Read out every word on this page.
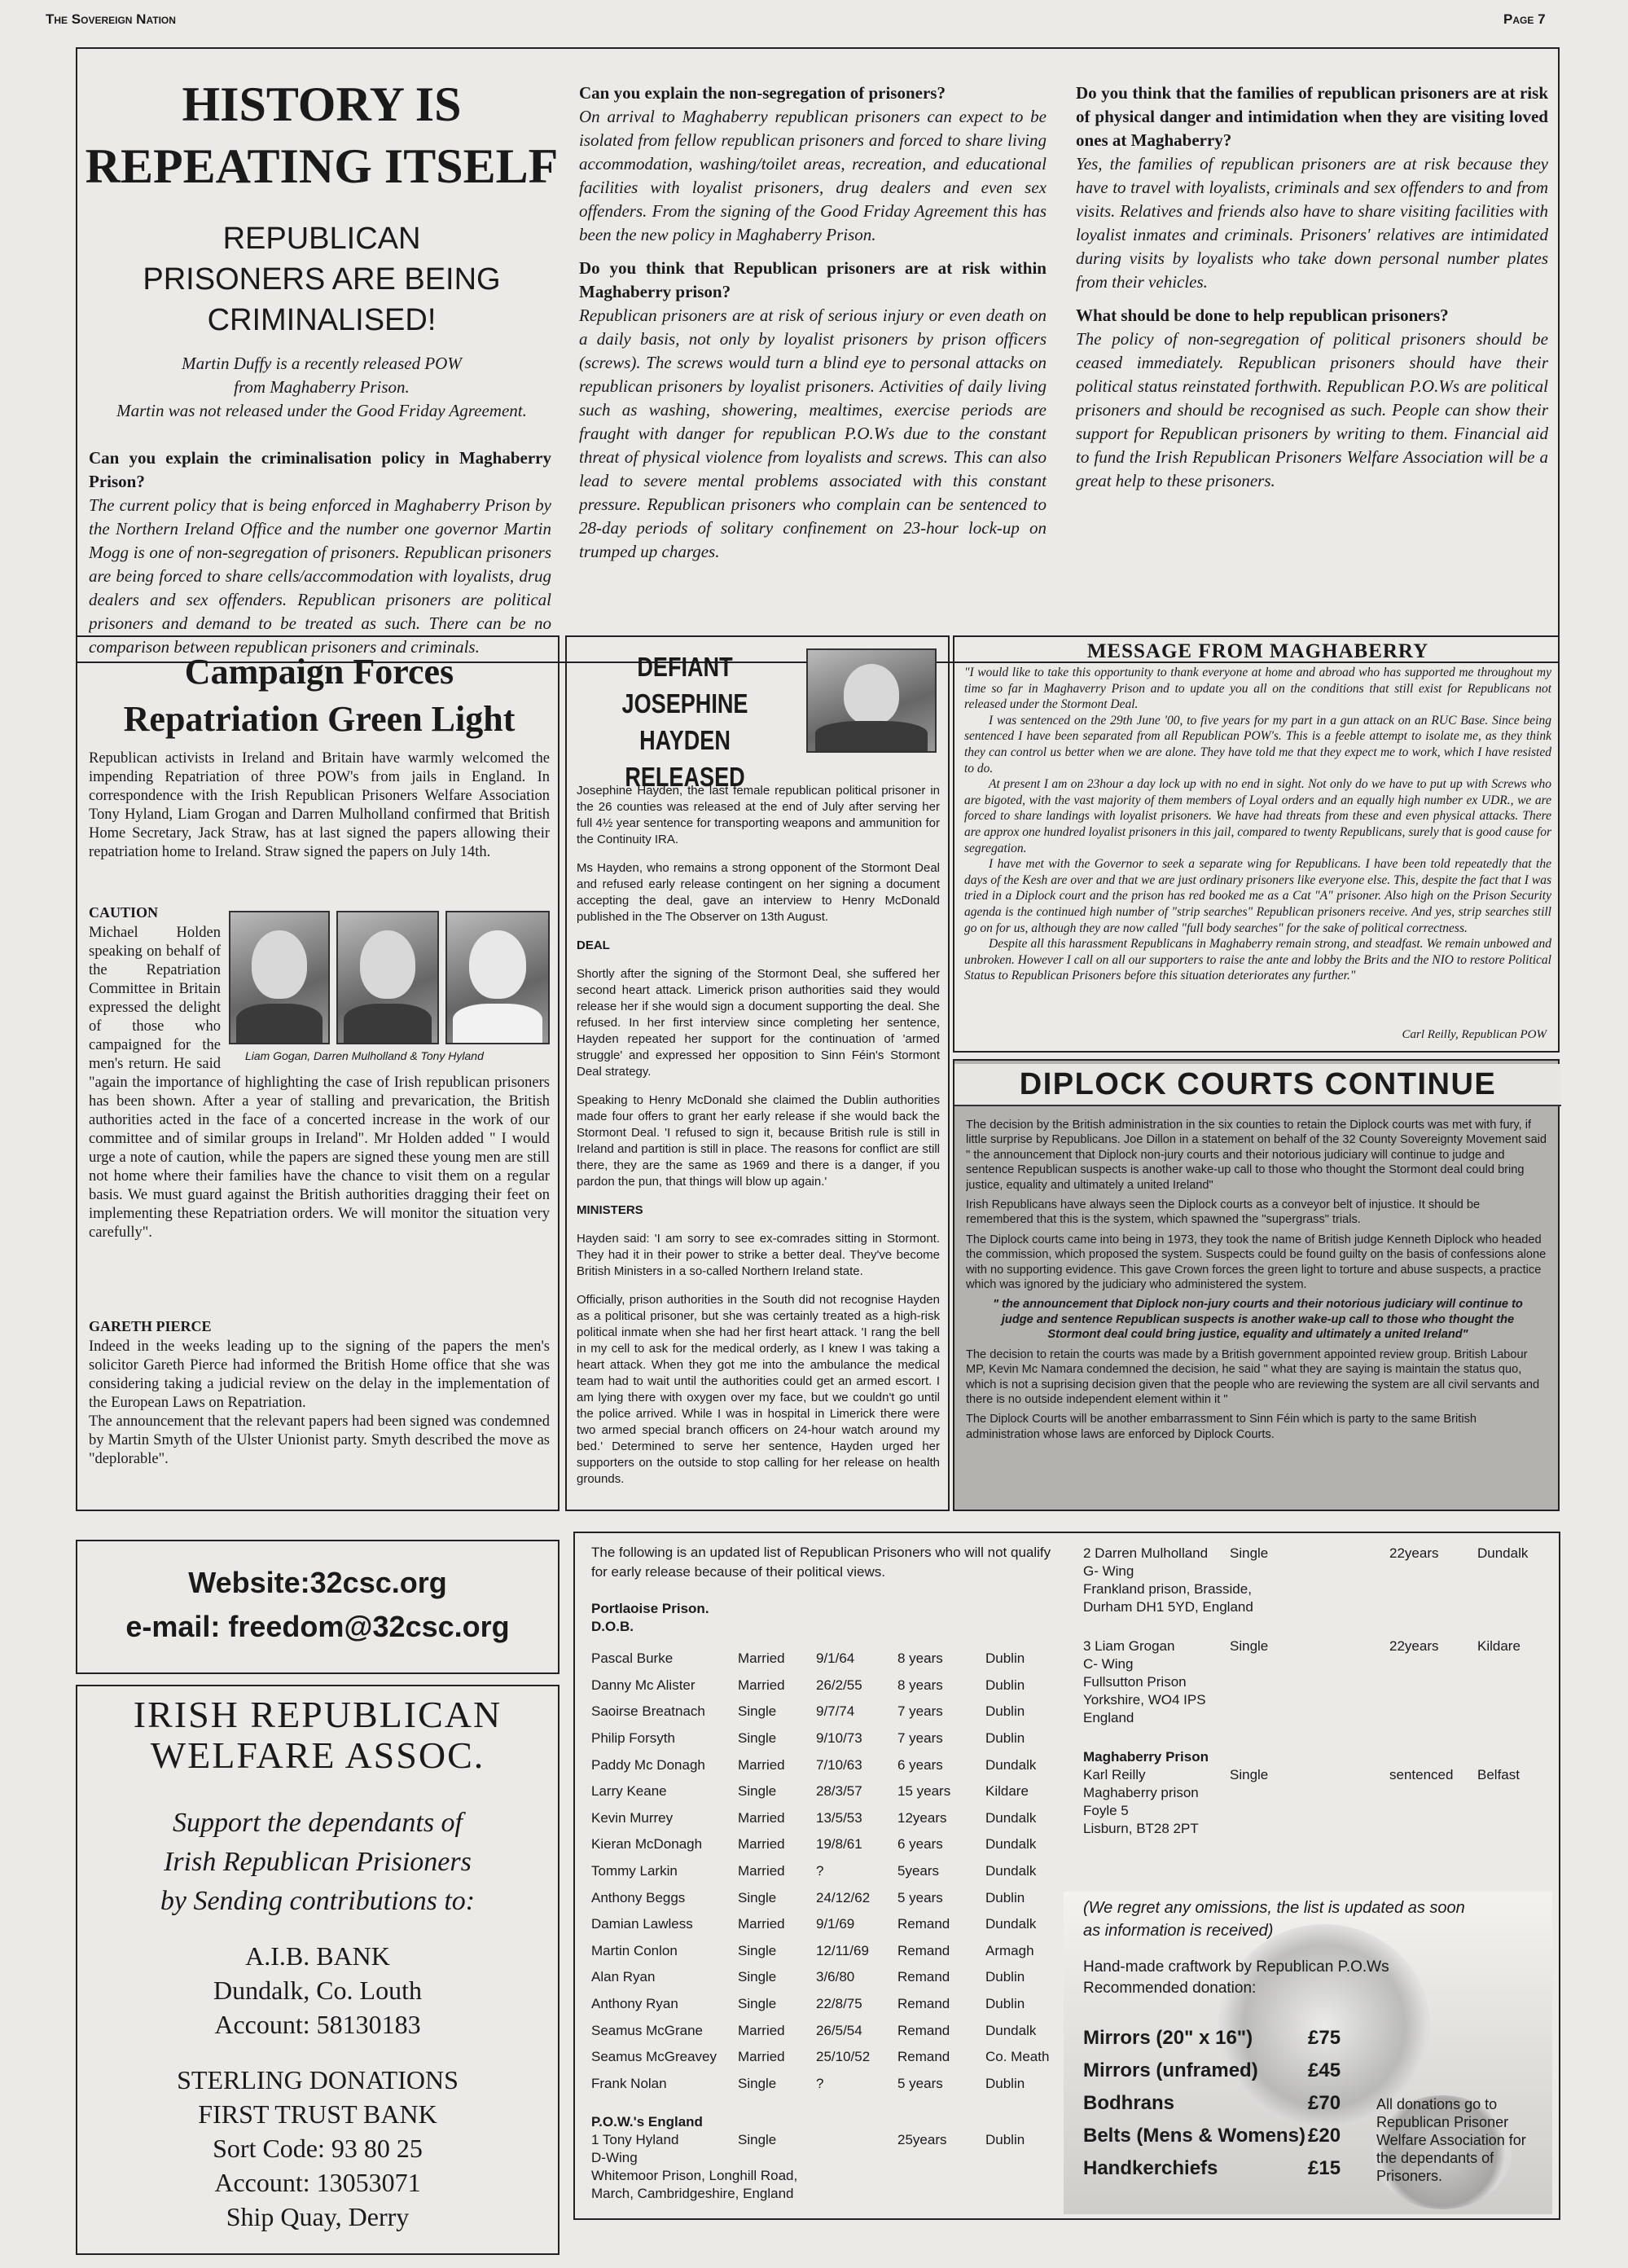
The Sovereign Nation	Page 7
HISTORY IS
REPEATING ITSELF
REPUBLICAN PRISONERS ARE BEING CRIMINALISED!

Martin Duffy is a recently released POW from Maghaberry Prison.

Martin was not released under the Good Friday Agreement.

Can you explain the criminalisation policy in Maghaberry Prison?

The current policy that is being enforced in Maghaberry Prison by the Northern Ireland Office and the number one governor Martin Mogg is one of non-segregation of prisoners. Republican prisoners are being forced to share cells/accommodation with loyalists, drug dealers and sex offenders. Republican prisoners are political prisoners and demand to be treated as such. There can be no comparison between republican prisoners and criminals.

Can you explain the non-segregation of prisoners?

On arrival to Maghaberry republican prisoners can expect to be isolated from fellow republican prisoners and forced to share living accommodation, washing/toilet areas, recreation, and educational facilities with loyalist prisoners, drug dealers and even sex offenders. From the signing of the Good Friday Agreement this has been the new policy in Maghaberry Prison.

Do you think that Republican prisoners are at risk within Maghaberry prison?

Republican prisoners are at risk of serious injury or even death on a daily basis, not only by loyalist prisoners by prison officers (screws). The screws would turn a blind eye to personal attacks on republican prisoners by loyalist prisoners. Activities of daily living such as washing, showering, mealtimes, exercise periods are fraught with danger for republican P.O.Ws due to the constant threat of physical violence from loyalists and screws. This can also lead to severe mental problems associated with this constant pressure. Republican prisoners who complain can be sentenced to 28-day periods of solitary confinement on 23-hour lock-up on trumped up charges.

Do you think that the families of republican prisoners are at risk of physical danger and intimidation when they are visiting loved ones at Maghaberry?

Yes, the families of republican prisoners are at risk because they have to travel with loyalists, criminals and sex offenders to and from visits. Relatives and friends also have to share visiting facilities with loyalist inmates and criminals. Prisoners' relatives are intimidated during visits by loyalists who take down personal number plates from their vehicles.

What should be done to help republican prisoners?

The policy of non-segregation of political prisoners should be ceased immediately. Republican prisoners should have their political status reinstated forthwith. Republican P.O.Ws are political prisoners and should be recognised as such. People can show their support for Republican prisoners by writing to them. Financial aid to fund the Irish Republican Prisoners Welfare Association will be a great help to these prisoners.

Campaign Forces Repatriation Green Light
Republican activists in Ireland and Britain have warmly welcomed the impending Repatriation of three POW's from jails in England. In correspondence with the Irish Republican Prisoners Welfare Association Tony Hyland, Liam Grogan and Darren Mulholland confirmed that British Home Secretary, Jack Straw, has at last signed the papers allowing their repatriation home to Ireland. Straw signed the papers on July 14th.
CAUTION
Liam Gogan, Darren Mulholland & Tony Hyland
Michael Holden speaking on behalf of the Repatriation Committee in Britain expressed the delight of those who campaigned for the men's return. He said "again the importance of highlighting the case of Irish republican prisoners has been shown. After a year of stalling and prevarication, the British authorities acted in the face of a concerted increase in the work of our committee and of similar groups in Ireland". Mr Holden added " I would urge a note of caution, while the papers are signed these young men are still not home where their families have the chance to visit them on a regular basis. We must guard against the British authorities dragging their feet on implementing these Repatriation orders. We will monitor the situation very carefully".
GARETH PIERCE
Indeed in the weeks leading up to the signing of the papers the men's solicitor Gareth Pierce had informed the British Home office that she was considering taking a judicial review on the delay in the implementation of the European Laws on Repatriation.
The announcement that the relevant papers had been signed was condemned by Martin Smyth of the Ulster Unionist party. Smyth described the move as "deplorable".
DEFIANT
JOSEPHINE HAYDEN
RELEASED

Josephine Hayden, the last female republican political prisoner in the 26 counties was released at the end of July after serving her full 4½ year sentence for transporting weapons and ammunition for the Continuity IRA.

Ms Hayden, who remains a strong opponent of the Stormont Deal and refused early release contingent on her signing a document accepting the deal, gave an interview to Henry McDonald published in the The Observer on 13th August.

DEAL

Shortly after the signing of the Stormont Deal, she suffered her second heart attack. Limerick prison authorities said they would release her if she would sign a document supporting the deal. She refused. In her first interview since completing her sentence, Hayden repeated her support for the continuation of 'armed struggle' and expressed her opposition to Sinn Féin's Stormont Deal strategy.

Speaking to Henry McDonald she claimed the Dublin authorities made four offers to grant her early release if she would back the Stormont Deal. 'I refused to sign it, because British rule is still in Ireland and partition is still in place. The reasons for conflict are still there, they are the same as 1969 and there is a danger, if you pardon the pun, that things will blow up again.'

MINISTERS

Hayden said: 'I am sorry to see ex-comrades sitting in Stormont. They had it in their power to strike a better deal. They've become British Ministers in a so-called Northern Ireland state.

Officially, prison authorities in the South did not recognise Hayden as a political prisoner, but she was certainly treated as a high-risk political inmate when she had her first heart attack. 'I rang the bell in my cell to ask for the medical orderly, as I knew I was taking a heart attack. When they got me into the ambulance the medical team had to wait until the authorities could get an armed escort. I am lying there with oxygen over my face, but we couldn't go until the police arrived. While I was in hospital in Limerick there were two armed special branch officers on 24-hour watch around my bed.' Determined to serve her sentence, Hayden urged her supporters on the outside to stop calling for her release on health grounds.

MESSAGE FROM MAGHABERRY

"I would like to take this opportunity to thank everyone at home and abroad who has supported me throughout my time so far in Maghaverry Prison and to update you all on the conditions that still exist for Republicans not released under the Stormont Deal.

I was sentenced on the 29th June '00, to five years for my part in a gun attack on an RUC Base. Since being sentenced I have been separated from all Republican POW's. This is a feeble attempt to isolate me, as they think they can control us better when we are alone. They have told me that they expect me to work, which I have resisted to do.

At present I am on 23hour a day lock up with no end in sight. Not only do we have to put up with Screws who are bigoted, with the vast majority of them members of Loyal orders and an equally high number ex UDR., we are forced to share landings with loyalist prisoners. We have had threats from these and even physical attacks. There are approx one hundred loyalist prisoners in this jail, compared to twenty Republicans, surely that is good cause for segregation.

I have met with the Governor to seek a separate wing for Republicans. I have been told repeatedly that the days of the Kesh are over and that we are just ordinary prisoners like everyone else. This, despite the fact that I was tried in a Diplock court and the prison has red booked me as a Cat "A" prisoner. Also high on the Prison Security agenda is the continued high number of "strip searches" Republican prisoners receive. And yes, strip searches still go on for us, although they are now called "full body searches" for the sake of political correctness.

Despite all this harassment Republicans in Maghaberry remain strong, and steadfast. We remain unbowed and unbroken. However I call on all our supporters to raise the ante and lobby the Brits and the NIO to restore Political Status to Republican Prisoners before this situation deteriorates any further."

Carl Reilly, Republican POW
DIPLOCK COURTS CONTINUE

The decision by the British administration in the six counties to retain the Diplock courts was met with fury, if little surprise by Republicans. Joe Dillon in a statement on behalf of the 32 County Sovereignty Movement said " the announcement that Diplock non-jury courts and their notorious judiciary will continue to judge and sentence Republican suspects is another wake-up call to those who thought the Stormont deal could bring justice, equality and ultimately a united Ireland"

Irish Republicans have always seen the Diplock courts as a conveyor belt of injustice. It should be remembered that this is the system, which spawned the "supergrass" trials.

The Diplock courts came into being in 1973, they took the name of British judge Kenneth Diplock who headed the commission, which proposed the system. Suspects could be found guilty on the basis of confessions alone with no supporting evidence. This gave Crown forces the green light to torture and abuse suspects, a practice which was ignored by the judiciary who administered the system.

" the announcement that Diplock non-jury courts and their notorious judiciary will continue to judge and sentence Republican suspects is another wake-up call to those who thought the Stormont deal could bring justice, equality and ultimately a united Ireland"

The decision to retain the courts was made by a British government appointed review group. British Labour MP, Kevin Mc Namara condemned the decision, he said " what they are saying is maintain the status quo, which is not a suprising decision given that the people who are reviewing the system are all civil servants and there is no outside independent element within it "

The Diplock Courts will be another embarrassment to Sinn Féin which is party to the same British administration whose laws are enforced by Diplock Courts.

Website:32csc.org
e-mail: freedom@32csc.org
IRISH REPUBLICAN
WELFARE ASSOC.
Support the dependants of
Irish Republican Prisioners
by Sending contributions to:
A.I.B. BANK
Dundalk, Co. Louth
Account: 58130183
STERLING DONATIONS
FIRST TRUST BANK
Sort Code: 93 80 25
Account: 13053071
Ship Quay, Derry
The following is an updated list of Republican Prisoners who will not qualify for early release because of their political views.
Portlaoise Prison.
D.O.B.
Pascal Burke	Married	9/1/64	8 years	Dublin
Danny Mc Alister	Married	26/2/55	8 years	Dublin
Saoirse Breatnach	Single	9/7/74	7 years	Dublin
Philip Forsyth	Single	9/10/73	7 years	Dublin
Paddy Mc Donagh	Married	7/10/63	6 years	Dundalk
Larry Keane	Single	28/3/57	15 years	Kildare
Kevin Murrey	Married	13/5/53	12years	Dundalk
Kieran McDonagh	Married	19/8/61	6 years	Dundalk
Tommy Larkin	Married	?	5years	Dundalk
Anthony Beggs	Single	24/12/62	5 years	Dublin
Damian Lawless	Married	9/1/69	Remand	Dundalk
Martin Conlon	Single	12/11/69	Remand	Armagh
Alan Ryan	Single	3/6/80	Remand	Dublin
Anthony Ryan	Single	22/8/75	Remand	Dublin
Seamus McGrane	Married	26/5/54	Remand	Dundalk
Seamus McGreavey	Married	25/10/52	Remand	Co. Meath
Frank Nolan	Single	?	5 years	Dublin
P.O.W.'s England
1 Tony Hyland	Single	25years	Dublin
D-Wing
Whitemoor Prison, Longhill Road,
March, Cambridgeshire, England
2 Darren Mulholland Single	22years	Dundalk
G- Wing
Frankland prison, Brasside,
Durham DH1 5YD, England
3 Liam Grogan	Single	22years	Kildare
C- Wing
Fullsutton Prison
Yorkshire, WO4 IPS
England
Maghaberry Prison
Karl Reilly	Single	sentenced Belfast
Maghaberry prison
Foyle 5
Lisburn, BT28 2PT
(We regret any omissions, the list is updated as soon as information is received)
Hand-made craftwork by Republican P.O.Ws
Recommended donation:
Mirrors (20" x 16")	£75
Mirrors (unframed)	£45
Bodhrans	£70
Belts (Mens & Womens)	£20
Handkerchiefs	£15
All donations go to Republican Prisoner Welfare Association for the dependants of Prisoners.
